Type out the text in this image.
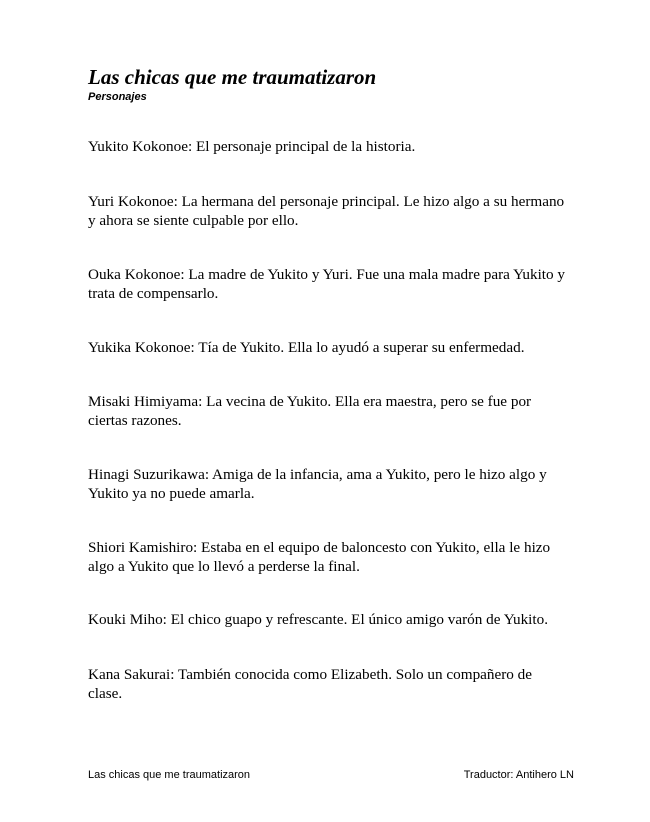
Las chicas que me traumatizaron
Personajes

Yukito Kokonoe: El personaje principal de la historia.

Yuri Kokonoe: La hermana del personaje principal. Le hizo algo a su hermano y ahora se siente culpable por ello.

Ouka Kokonoe: La madre de Yukito y Yuri. Fue una mala madre para Yukito y trata de compensarlo.

Yukika Kokonoe: Tía de Yukito. Ella lo ayudó a superar su enfermedad.

Misaki Himiyama: La vecina de Yukito. Ella era maestra, pero se fue por ciertas razones.

Hinagi Suzurikawa: Amiga de la infancia, ama a Yukito, pero le hizo algo y Yukito ya no puede amarla.

Shiori Kamishiro: Estaba en el equipo de baloncesto con Yukito, ella le hizo algo a Yukito que lo llevó a perderse la final.

Kouki Miho: El chico guapo y refrescante. El único amigo varón de Yukito.

Kana Sakurai: También conocida como Elizabeth. Solo un compañero de clase.

Las chicas que me traumatizaron	Traductor: Antihero LN
